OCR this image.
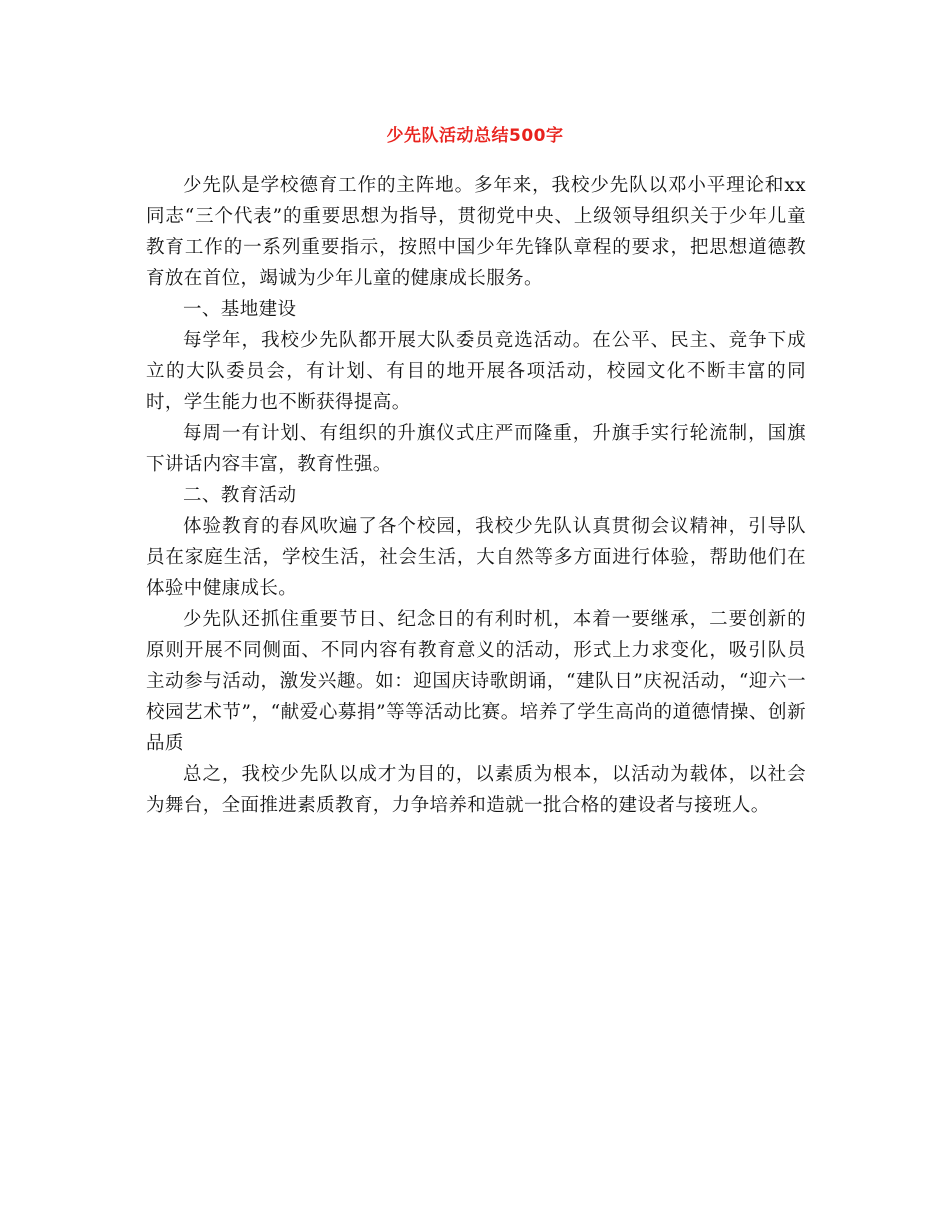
少先队活动总结500字

少先队是学校德育工作的主阵地。多年来，我校少先队以邓小平理论和xx同志“三个代表”的重要思想为指导，贯彻党中央、上级领导组织关于少年儿童教育工作的一系列重要指示，按照中国少年先锋队章程的要求，把思想道德教育放在首位，竭诚为少年儿童的健康成长服务。

一、基地建设

每学年，我校少先队都开展大队委员竞选活动。在公平、民主、竞争下成立的大队委员会，有计划、有目的地开展各项活动，校园文化不断丰富的同时，学生能力也不断获得提高。

每周一有计划、有组织的升旗仪式庄严而隆重，升旗手实行轮流制，国旗下讲话内容丰富，教育性强。

二、教育活动

体验教育的春风吹遍了各个校园，我校少先队认真贯彻会议精神，引导队员在家庭生活，学校生活，社会生活，大自然等多方面进行体验，帮助他们在体验中健康成长。

少先队还抓住重要节日、纪念日的有利时机，本着一要继承，二要创新的原则开展不同侧面、不同内容有教育意义的活动，形式上力求变化，吸引队员主动参与活动，激发兴趣。如：迎国庆诗歌朗诵，“建队日”庆祝活动，“迎六一校园艺术节”，“献爱心募捐”等等活动比赛。培养了学生高尚的道德情操、创新品质

总之，我校少先队以成才为目的，以素质为根本，以活动为载体，以社会为舞台，全面推进素质教育，力争培养和造就一批合格的建设者与接班人。
